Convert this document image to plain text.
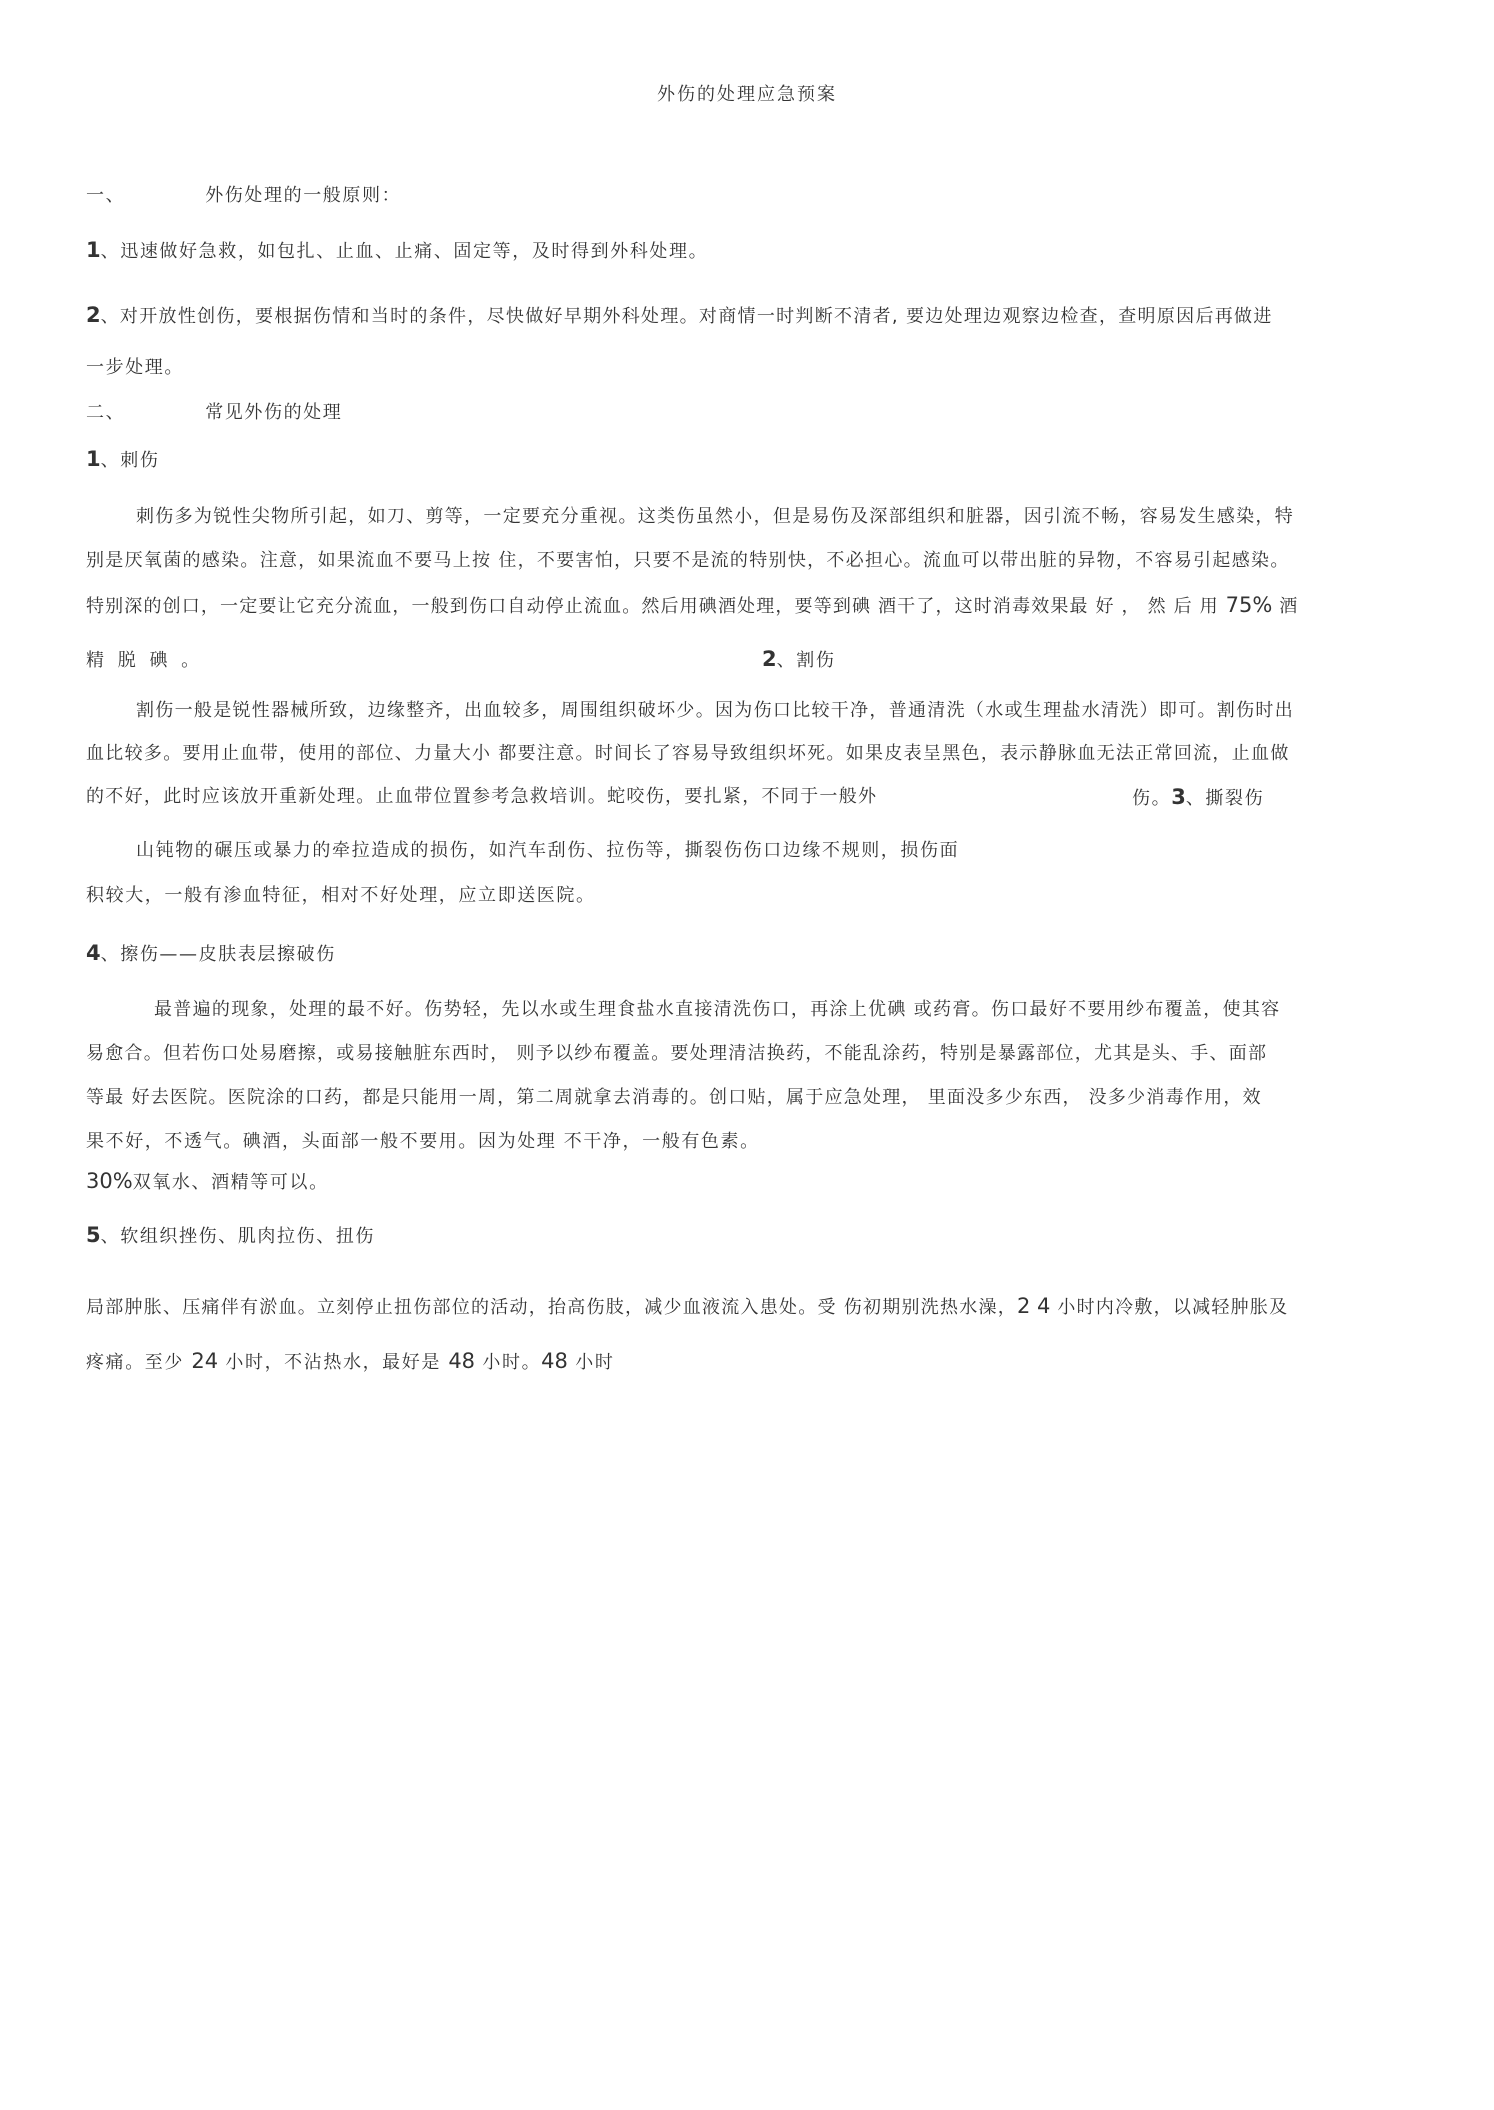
外伤的处理应急预案
一、	外伤处理的一般原则：
1、迅速做好急救，如包扎、止血、止痛、固定等，及时得到外科处理。
2、对开放性创伤，要根据伤情和当时的条件，尽快做好早期外科处理。对商情一时判断不清者, 要边处理边观察边检查，查明原因后再做进
一步处理。
二、	常见外伤的处理
1、刺伤
刺伤多为锐性尖物所引起，如刀、剪等，一定要充分重视。这类伤虽然小，但是易伤及深部组织和脏器，因引流不畅，容易发生感染，特
别是厌氧菌的感染。注意，如果流血不要马上按 住，不要害怕，只要不是流的特别快，不必担心。流血可以带出脏的异物，不容易引起感染。
特别深的创口，一定要让它充分流血，一般到伤口自动停止流血。然后用碘酒处理，要等到碘 酒干了，这时消毒效果最 好 ， 然 后 用 75% 酒
精 脱 碘 。	2、割伤
割伤一般是锐性器械所致，边缘整齐，出血较多，周围组织破坏少。因为伤口比较干净，普通清洗（水或生理盐水清洗）即可。割伤时出
血比较多。要用止血带，使用的部位、力量大小 都要注意。时间长了容易导致组织坏死。如果皮表呈黑色，表示静脉血无法正常回流，止血做
的不好，此时应该放开重新处理。止血带位置参考急救培训。蛇咬伤，要扎紧，不同于一般外	伤。3、撕裂伤
山钝物的碾压或暴力的牵拉造成的损伤，如汽车刮伤、拉伤等，撕裂伤伤口边缘不规则，损伤面
积较大，一般有渗血特征，相对不好处理，应立即送医院。
4、擦伤——皮肤表层擦破伤
最普遍的现象，处理的最不好。伤势轻，先以水或生理食盐水直接清洗伤口，再涂上优碘 或药膏。伤口最好不要用纱布覆盖，使其容
易愈合。但若伤口处易磨擦，或易接触脏东西时， 则予以纱布覆盖。要处理清洁换药，不能乱涂药，特别是暴露部位，尤其是头、手、面部
等最 好去医院。医院涂的口药，都是只能用一周，第二周就拿去消毒的。创口贴，属于应急处理， 里面没多少东西， 没多少消毒作用，效
果不好，不透气。碘酒，头面部一般不要用。因为处理 不干净，一般有色素。
30%双氧水、酒精等可以。
5、软组织挫伤、肌肉拉伤、扭伤
局部肿胀、压痛伴有淤血。立刻停止扭伤部位的活动，抬高伤肢，减少血液流入患处。受 伤初期别洗热水澡，2 4 小时内冷敷，以减轻肿胀及
疼痛。至少 24 小时，不沾热水，最好是 48 小时。48 小时
